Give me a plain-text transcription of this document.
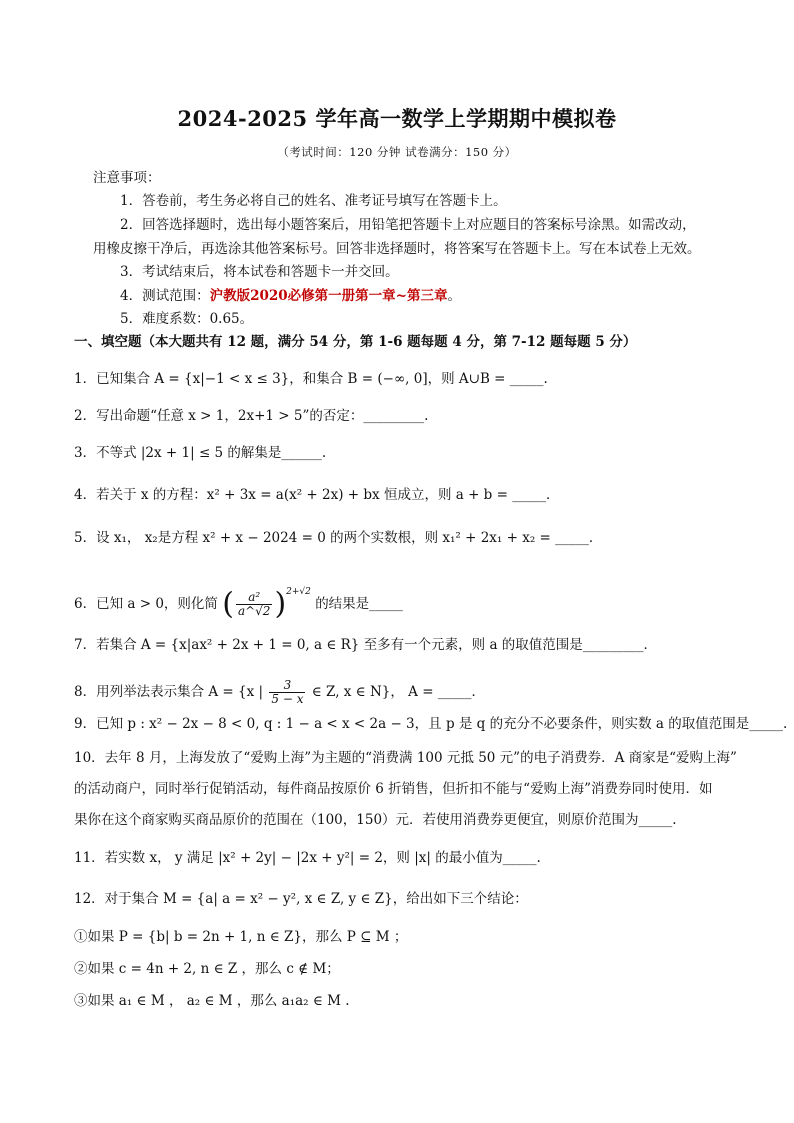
2024-2025 学年高一数学上学期期中模拟卷
（考试时间：120 分钟 试卷满分：150 分）
注意事项：
1．答卷前，考生务必将自己的姓名、准考证号填写在答题卡上。
2．回答选择题时，选出每小题答案后，用铅笔把答题卡上对应题目的答案标号涂黑。如需改动，
用橡皮擦干净后，再选涂其他答案标号。回答非选择题时，将答案写在答题卡上。写在本试卷上无效。
3．考试结束后，将本试卷和答题卡一并交回。
4．测试范围：沪教版2020必修第一册第一章~第三章。
5．难度系数：0.65。
一、填空题（本大题共有 12 题，满分 54 分，第 1-6 题每题 4 分，第 7-12 题每题 5 分）
1．已知集合 A = {x|−1 < x ≤ 3}，和集合 B = (−∞, 0]，则 A∪B = _____.
2．写出命题“任意 x > 1，2x+1 > 5”的否定：_________.
3．不等式 |2x + 1| ≤ 5 的解集是______.
4．若关于 x 的方程：x² + 3x = a(x² + 2x) + bx 恒成立，则 a + b = _____．
5．设 x₁， x₂是方程 x² + x − 2024 = 0 的两个实数根，则 x₁² + 2x₁ + x₂ = _____．
6．已知 a > 0，则化简 ( $\frac{\text{a²}}{a\^{}√2} )^{2+√2}$ 的结果是_____
7．若集合 A = {x|ax² + 2x + 1 = 0, a ∈ R} 至多有一个元素，则 a 的取值范围是_________．
8．用列举法表示集合 A = {x | $\frac{3}{5 - x}$ ∈ Z, x ∈ N}， A = _____．
9．已知 p : x² − 2x − 8 < 0, q : 1 − a < x < 2a − 3，且 p 是 q 的充分不必要条件，则实数 a 的取值范围是_____.
10．去年 8 月，上海发放了“爱购上海”为主题的“消费满 100 元抵 50 元”的电子消费券．A 商家是“爱购上海”
的活动商户，同时举行促销活动，每件商品按原价 6 折销售，但折扣不能与“爱购上海”消费券同时使用．如
果你在这个商家购买商品原价的范围在（100，150）元．若使用消费券更便宜，则原价范围为_____.
11．若实数 x， y 满足 |x² + 2y| − |2x + y²| = 2，则 |x| 的最小值为_____.
12．对于集合 M = {a| a = x² − y², x ∈ Z, y ∈ Z}，给出如下三个结论：
①如果 P = {b| b = 2n + 1, n ∈ Z}，那么 P ⊆ M ；
②如果 c = 4n + 2, n ∈ Z ，那么 c ∉ M；
③如果 a₁ ∈ M ， a₂ ∈ M ，那么 a₁a₂ ∈ M .
